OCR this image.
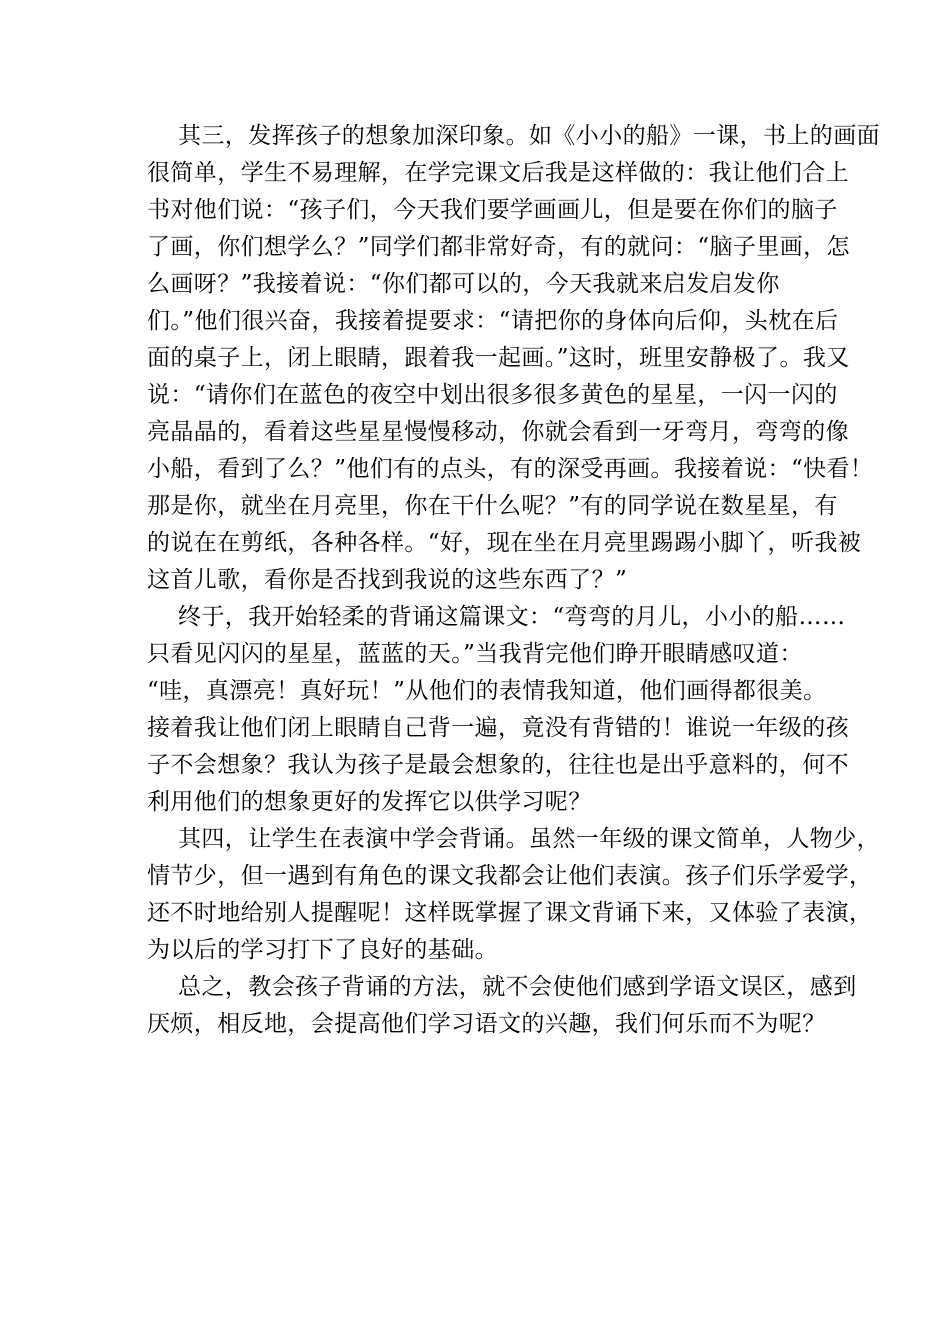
其三，发挥孩子的想象加深印象。如《小小的船》一课，书上的画面
很简单，学生不易理解，在学完课文后我是这样做的：我让他们合上
书对他们说：“孩子们，今天我们要学画画儿，但是要在你们的脑子
了画，你们想学么？”同学们都非常好奇，有的就问：“脑子里画，怎
么画呀？”我接着说：“你们都可以的，今天我就来启发启发你
们。”他们很兴奋，我接着提要求：“请把你的身体向后仰，头枕在后
面的桌子上，闭上眼睛，跟着我一起画。”这时，班里安静极了。我又
说：“请你们在蓝色的夜空中划出很多很多黄色的星星，一闪一闪的
亮晶晶的，看着这些星星慢慢移动，你就会看到一牙弯月，弯弯的像
小船，看到了么？”他们有的点头，有的深受再画。我接着说：“快看！
那是你，就坐在月亮里，你在干什么呢？”有的同学说在数星星，有
的说在在剪纸，各种各样。“好，现在坐在月亮里踢踢小脚丫，听我被
这首儿歌，看你是否找到我说的这些东西了？”
终于，我开始轻柔的背诵这篇课文：“弯弯的月儿，小小的船……
只看见闪闪的星星，蓝蓝的天。”当我背完他们睁开眼睛感叹道：
“哇，真漂亮！真好玩！”从他们的表情我知道，他们画得都很美。
接着我让他们闭上眼睛自己背一遍，竟没有背错的！谁说一年级的孩
子不会想象？我认为孩子是最会想象的，往往也是出乎意料的，何不
利用他们的想象更好的发挥它以供学习呢？
其四，让学生在表演中学会背诵。虽然一年级的课文简单，人物少，
情节少，但一遇到有角色的课文我都会让他们表演。孩子们乐学爱学，
还不时地给别人提醒呢！这样既掌握了课文背诵下来，又体验了表演，
为以后的学习打下了良好的基础。
总之，教会孩子背诵的方法，就不会使他们感到学语文误区，感到
厌烦，相反地，会提高他们学习语文的兴趣，我们何乐而不为呢？
